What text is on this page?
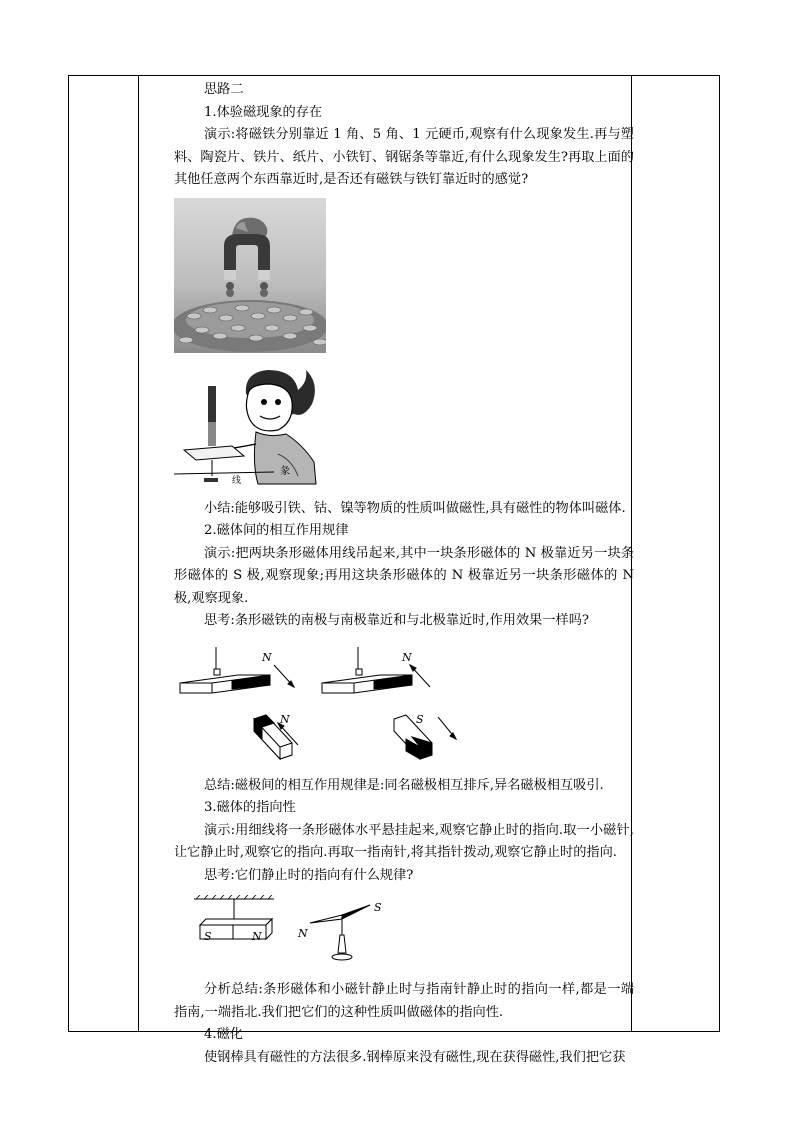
思路二

1.体验磁现象的存在

演示:将磁铁分别靠近 1 角、5 角、1 元硬币,观察有什么现象发生.再与塑料、陶瓷片、铁片、纸片、小铁钉、钢锯条等靠近,有什么现象发生?再取上面的其他任意两个东西靠近时,是否还有磁铁与铁钉靠近时的感觉?

彖
线

小结:能够吸引铁、钴、镍等物质的性质叫做磁性,具有磁性的物体叫磁体.

2.磁体间的相互作用规律

演示:把两块条形磁体用线吊起来,其中一块条形磁体的 N 极靠近另一块条形磁体的 S 极,观察现象;再用这块条形磁体的 N 极靠近另一块条形磁体的 N 极,观察现象.

思考:条形磁铁的南极与南极靠近和与北极靠近时,作用效果一样吗?

N
N
N
S

总结:磁极间的相互作用规律是:同名磁极相互排斥,异名磁极相互吸引.

3.磁体的指向性

演示:用细线将一条形磁体水平悬挂起来,观察它静止时的指向.取一小磁针,让它静止时,观察它的指向.再取一指南针,将其指针拨动,观察它静止时的指向.

思考:它们静止时的指向有什么规律?

S	N	N
S

分析总结:条形磁体和小磁针静止时与指南针静止时的指向一样,都是一端指南,一端指北.我们把它们的这种性质叫做磁体的指向性.

4.磁化

使钢棒具有磁性的方法很多.钢棒原来没有磁性,现在获得磁性,我们把它获
